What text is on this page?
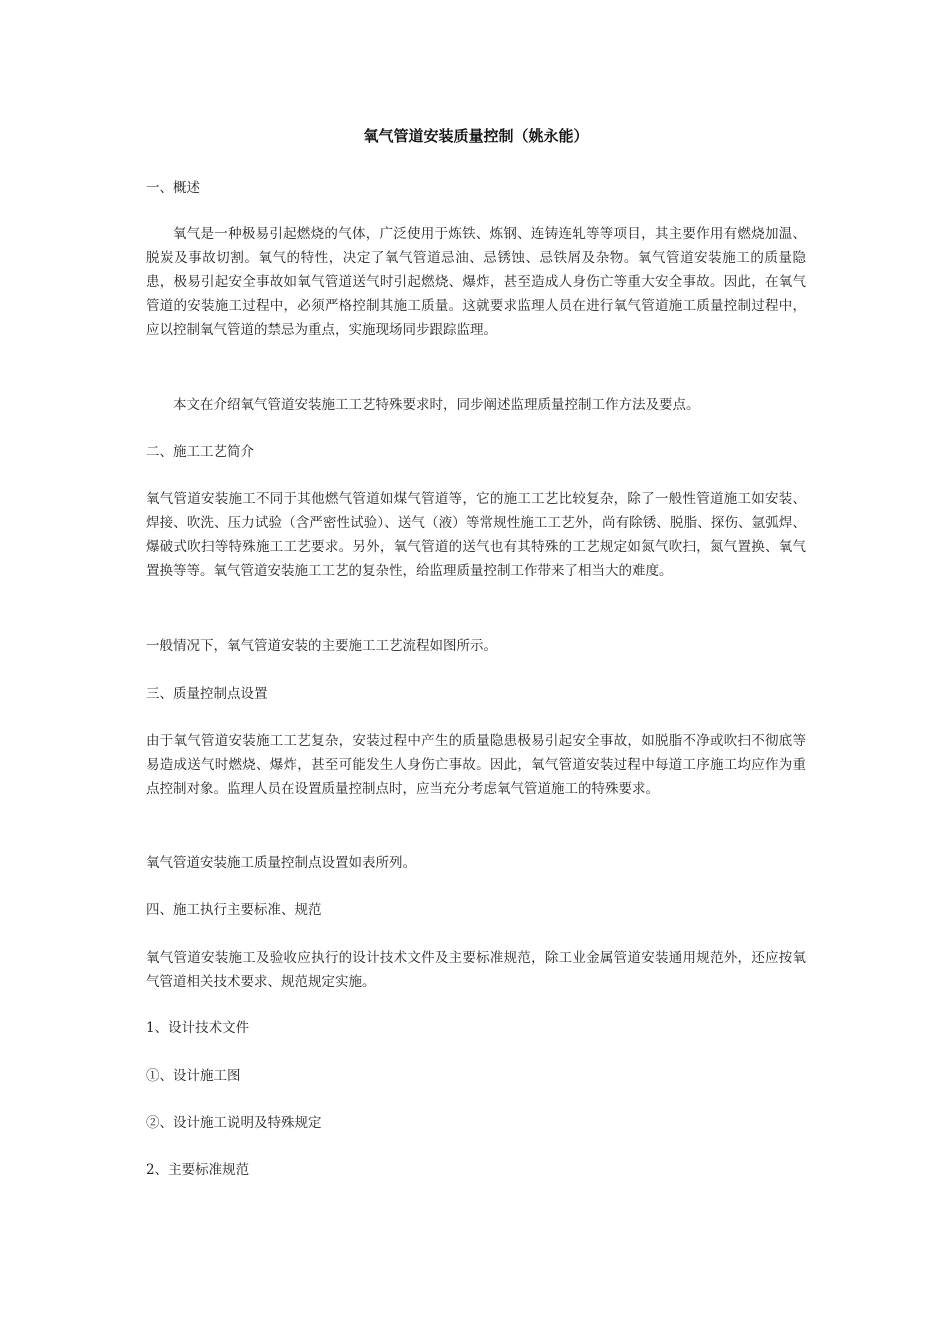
氧气管道安装质量控制（姚永能）

一、概述

氧气是一种极易引起燃烧的气体，广泛使用于炼铁、炼钢、连铸连轧等等项目，其主要作用有燃烧加温、脱炭及事故切割。氧气的特性，决定了氧气管道忌油、忌锈蚀、忌铁屑及杂物。氧气管道安装施工的质量隐患，极易引起安全事故如氧气管道送气时引起燃烧、爆炸，甚至造成人身伤亡等重大安全事故。因此，在氧气管道的安装施工过程中，必须严格控制其施工质量。这就要求监理人员在进行氧气管道施工质量控制过程中，应以控制氧气管道的禁忌为重点，实施现场同步跟踪监理。

本文在介绍氧气管道安装施工工艺特殊要求时，同步阐述监理质量控制工作方法及要点。

二、施工工艺简介

氧气管道安装施工不同于其他燃气管道如煤气管道等，它的施工工艺比较复杂，除了一般性管道施工如安装、焊接、吹洗、压力试验（含严密性试验）、送气（液）等常规性施工工艺外，尚有除锈、脱脂、探伤、氩弧焊、爆破式吹扫等特殊施工工艺要求。另外，氧气管道的送气也有其特殊的工艺规定如氮气吹扫，氮气置换、氧气置换等等。氧气管道安装施工工艺的复杂性，给监理质量控制工作带来了相当大的难度。

一般情况下，氧气管道安装的主要施工工艺流程如图所示。

三、质量控制点设置

由于氧气管道安装施工工艺复杂，安装过程中产生的质量隐患极易引起安全事故，如脱脂不净或吹扫不彻底等易造成送气时燃烧、爆炸，甚至可能发生人身伤亡事故。因此，氧气管道安装过程中每道工序施工均应作为重点控制对象。监理人员在设置质量控制点时，应当充分考虑氧气管道施工的特殊要求。

氧气管道安装施工质量控制点设置如表所列。

四、施工执行主要标准、规范

氧气管道安装施工及验收应执行的设计技术文件及主要标准规范，除工业金属管道安装通用规范外，还应按氧气管道相关技术要求、规范规定实施。

1、设计技术文件

①、设计施工图

②、设计施工说明及特殊规定

2、主要标准规范
